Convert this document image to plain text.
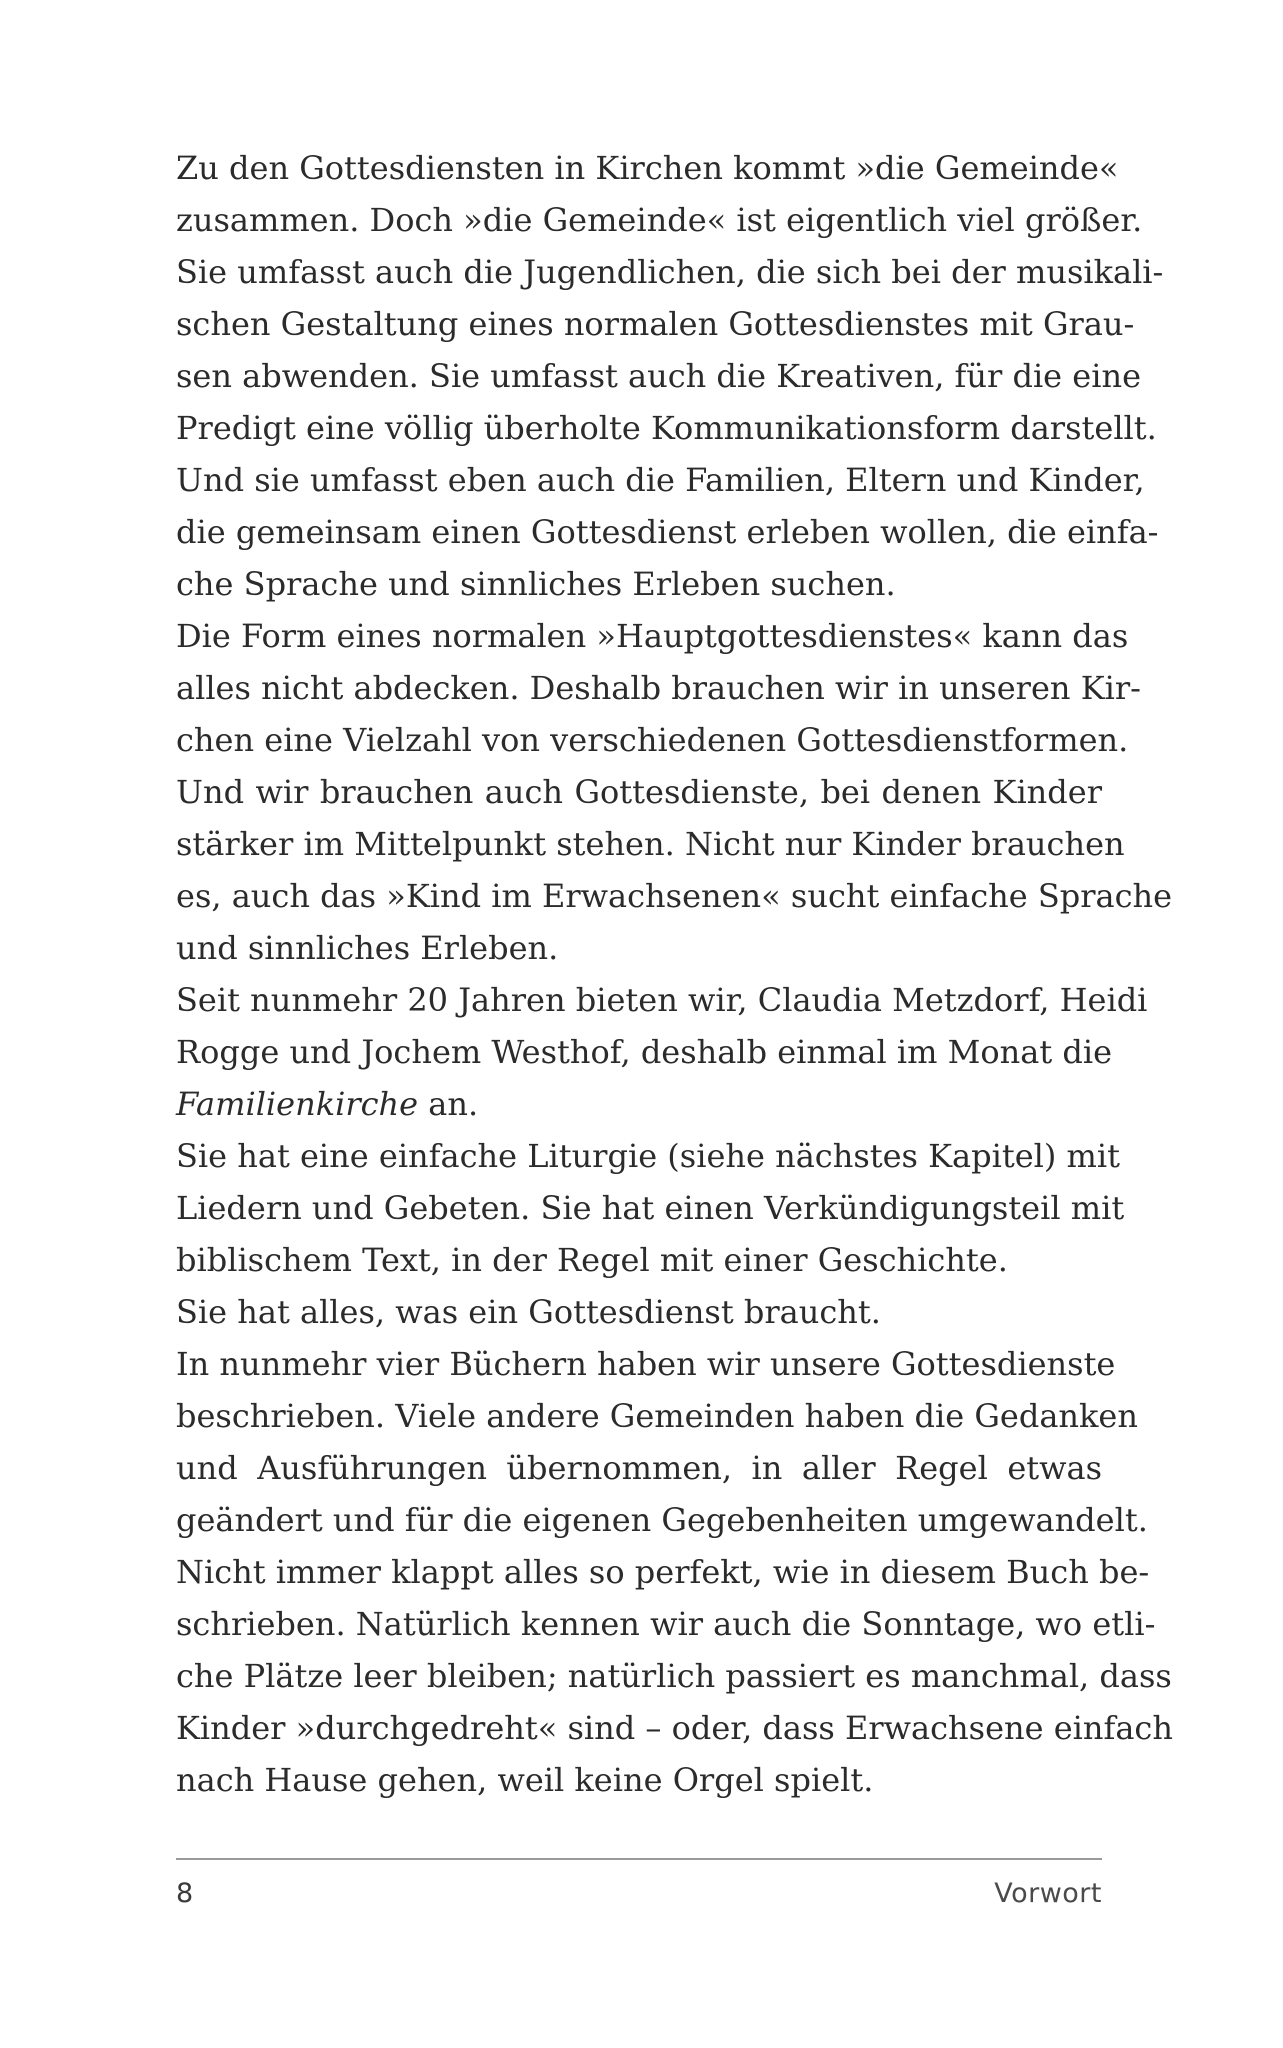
Zu den Gottesdiensten in Kirchen kommt »die Gemeinde«
zusammen. Doch »die Gemeinde« ist eigentlich viel größer.
Sie umfasst auch die Jugendlichen, die sich bei der musikali-
schen Gestaltung eines normalen Gottesdienstes mit Grau-
sen abwenden. Sie umfasst auch die Kreativen, für die eine
Predigt eine völlig überholte Kommunikationsform darstellt.
Und sie umfasst eben auch die Familien, Eltern und Kinder,
die gemeinsam einen Gottesdienst erleben wollen, die einfa-
che Sprache und sinnliches Erleben suchen.
Die Form eines normalen »Hauptgottesdienstes« kann das
alles nicht abdecken. Deshalb brauchen wir in unseren Kir-
chen eine Vielzahl von verschiedenen Gottesdienstformen.
Und wir brauchen auch Gottesdienste, bei denen Kinder
stärker im Mittelpunkt stehen. Nicht nur Kinder brauchen
es, auch das »Kind im Erwachsenen« sucht einfache Sprache
und sinnliches Erleben.
Seit nunmehr 20 Jahren bieten wir, Claudia Metzdorf, Heidi
Rogge und Jochem Westhof, deshalb einmal im Monat die
Familienkirche an.
Sie hat eine einfache Liturgie (siehe nächstes Kapitel) mit
Liedern und Gebeten. Sie hat einen Verkündigungsteil mit
biblischem Text, in der Regel mit einer Geschichte.
Sie hat alles, was ein Gottesdienst braucht.
In nunmehr vier Büchern haben wir unsere Gottesdienste
beschrieben. Viele andere Gemeinden haben die Gedanken
und Ausführungen übernommen, in aller Regel etwas
geändert und für die eigenen Gegebenheiten umgewandelt.
Nicht immer klappt alles so perfekt, wie in diesem Buch be-
schrieben. Natürlich kennen wir auch die Sonntage, wo etli-
che Plätze leer bleiben; natürlich passiert es manchmal, dass
Kinder »durchgedreht« sind – oder, dass Erwachsene einfach
nach Hause gehen, weil keine Orgel spielt.
8	Vorwort
